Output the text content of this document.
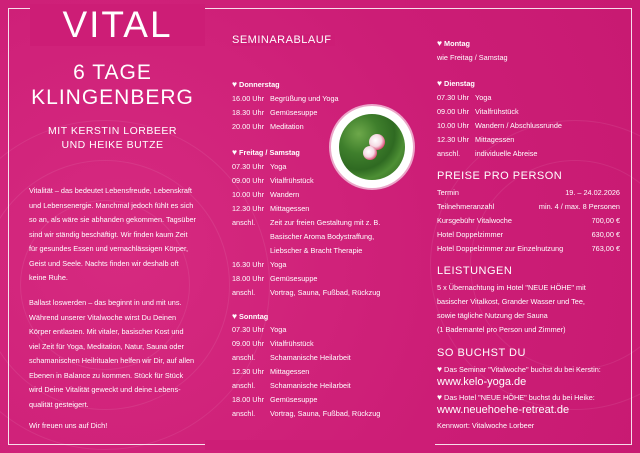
VITAL
6 TAGE
KLINGENBERG
MIT KERSTIN LORBEER
UND HEIKE BUTZE
Vitalität – das bedeutet Lebensfreude, Lebenskraft
und Lebensenergie. Manchmal jedoch fühlt es sich
so an, als wäre sie abhanden gekommen. Tagsüber
sind wir ständig beschäftigt. Wir finden kaum Zeit
für gesundes Essen und vernachlässigen Körper,
Geist und Seele. Nachts finden wir deshalb oft
keine Ruhe.
Ballast loswerden – das beginnt in und mit uns.
Während unserer Vitalwoche wirst Du Deinen
Körper entlasten. Mit vitaler, basischer Kost und
viel Zeit für Yoga, Meditation, Natur, Sauna oder
schamanischen Heilritualen helfen wir Dir, auf allen
Ebenen in Balance zu kommen. Stück für Stück
wird Deine Vitalität geweckt und deine Lebens-
qualität gesteigert.
Wir freuen uns auf Dich!
SEMINARABLAUF
♥ Donnerstag
16.00 Uhr Begrüßung und Yoga
18.30 Uhr Gemüsesuppe
20.00 Uhr Meditation
♥ Freitag / Samstag
07.30 Uhr Yoga
09.00 Uhr Vitalfrühstück
10.00 Uhr Wandern
12.30 Uhr Mittagessen
anschl.	Zeit zur freien Gestaltung mit z. B.
Basischer Aroma Bodystraffung,
Liebscher & Bracht Therapie
16.30 Uhr Yoga
18.00 Uhr Gemüsesuppe
anschl.	Vortrag, Sauna, Fußbad, Rückzug
♥ Sonntag
07.30 Uhr Yoga
09.00 Uhr Vitalfrühstück
anschl.	Schamanische Heilarbeit
12.30 Uhr Mittagessen
anschl.	Schamanische Heilarbeit
18.00 Uhr Gemüsesuppe
anschl.	Vortrag, Sauna, Fußbad, Rückzug
♥ Montag
wie Freitag / Samstag
♥ Dienstag
07.30 Uhr Yoga
09.00 Uhr Vitalfrühstück
10.00 Uhr Wandern / Abschlussrunde
12.30 Uhr Mittagessen
anschl.	individuelle Abreise
PREISE PRO PERSON
Termin	19. – 24.02.2026
Teilnehmeranzahl	min. 4 / max. 8 Personen
Kursgebühr Vitalwoche	700,00 €
Hotel Doppelzimmer	630,00 €
Hotel Doppelzimmer zur Einzelnutzung	763,00 €
LEISTUNGEN
5 x Übernachtung im Hotel "NEUE HÖHE" mit
basischer Vitalkost, Grander Wasser und Tee,
sowie tägliche Nutzung der Sauna
(1 Bademantel pro Person und Zimmer)
SO BUCHST DU
♥ Das Seminar "Vitalwoche" buchst du bei Kerstin:
www.kelo-yoga.de
♥ Das Hotel "NEUE HÖHE" buchst du bei Heike:
www.neuehoehe-retreat.de
Kennwort: Vitalwoche Lorbeer
